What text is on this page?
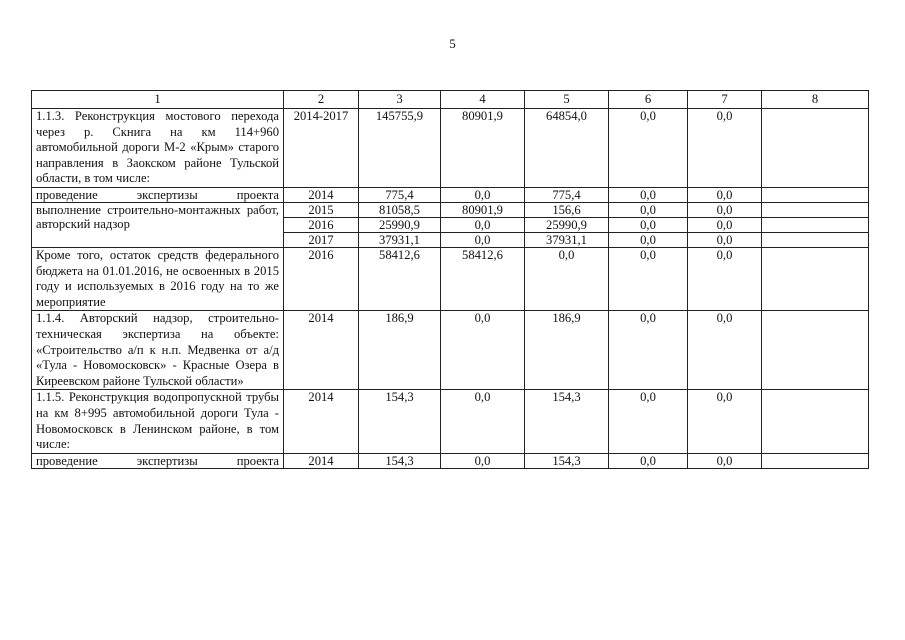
5
1	2	3	4	5	6	7	8
1.1.3. Реконструкция мостового перехода через р. Скнига на км 114+960 автомобильной дороги М-2 «Крым» старого направления в Заокском районе Тульской области, в том числе:	2014-2017	145755,9	80901,9	64854,0	0,0	0,0	
проведение экспертизы проекта	2014	775,4	0,0	775,4	0,0	0,0	
выполнение строительно-монтажных работ, авторский надзор	2015	81058,5	80901,9	156,6	0,0	0,0	
	2016	25990,9	0,0	25990,9	0,0	0,0	
	2017	37931,1	0,0	37931,1	0,0	0,0	
Кроме того, остаток средств федерального бюджета на 01.01.2016, не освоенных в 2015 году и используемых в 2016 году на то же мероприятие	2016	58412,6	58412,6	0,0	0,0	0,0	
1.1.4. Авторский надзор, строительно-техническая экспертиза на объекте: «Строительство а/п к н.п. Медвенка от а/д «Тула - Новомосковск» - Красные Озера в Киреевском районе Тульской области»	2014	186,9	0,0	186,9	0,0	0,0	
1.1.5. Реконструкция водопропускной трубы на км 8+995 автомобильной дороги Тула - Новомосковск в Ленинском районе, в том числе:	2014	154,3	0,0	154,3	0,0	0,0	
проведение экспертизы проекта	2014	154,3	0,0	154,3	0,0	0,0	
